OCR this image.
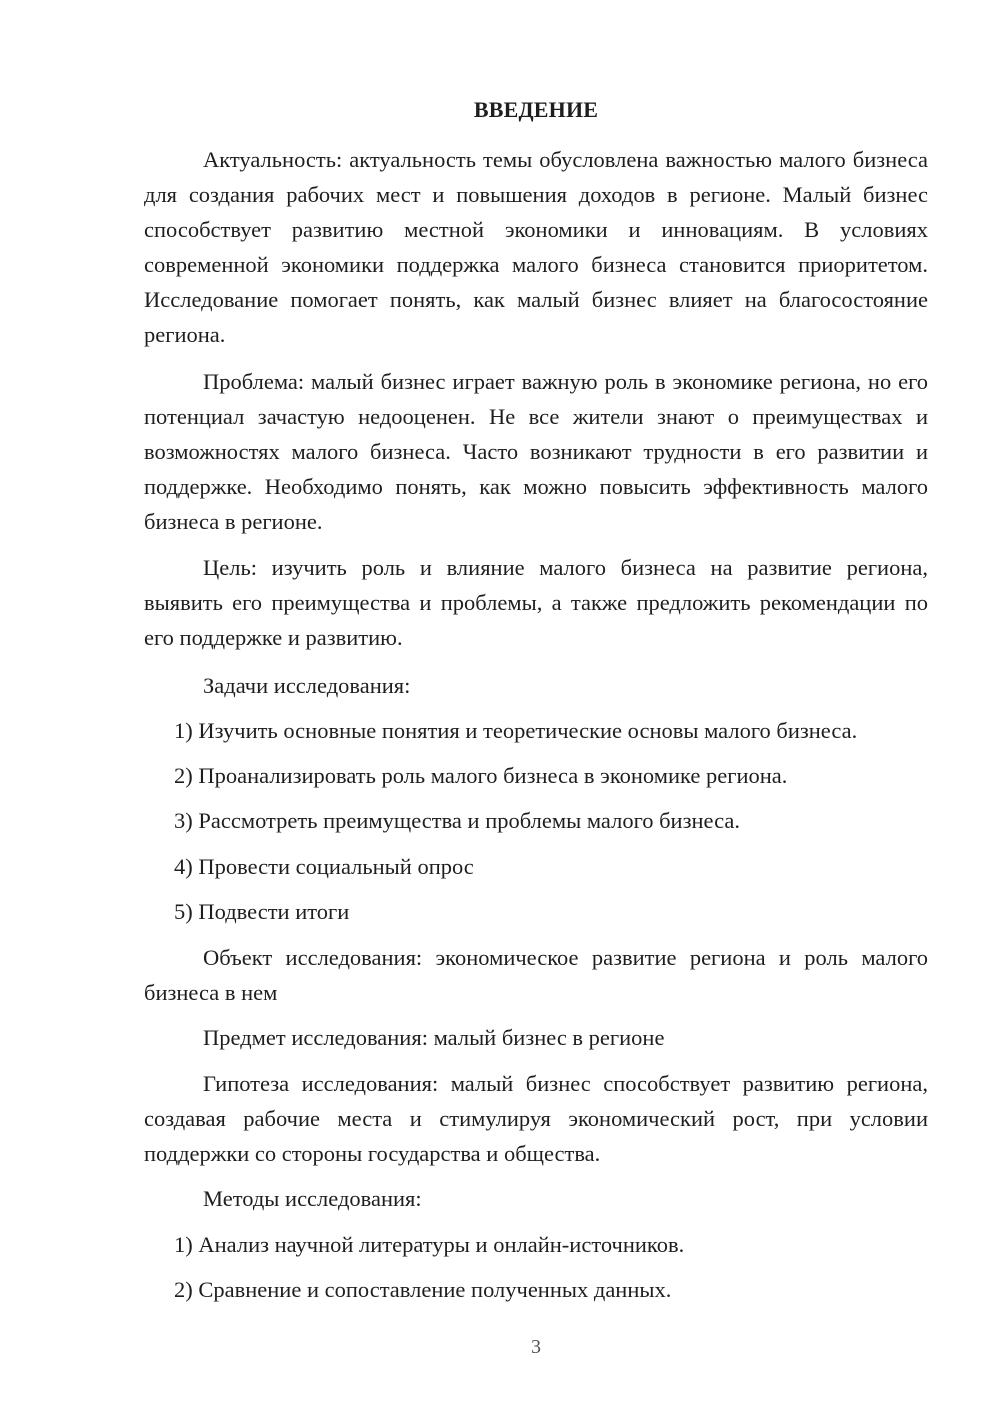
ВВЕДЕНИЕ

Актуальность: актуальность темы обусловлена важностью малого бизнеса для создания рабочих мест и повышения доходов в регионе. Малый бизнес способствует развитию местной экономики и инновациям. В условиях современной экономики поддержка малого бизнеса становится приоритетом. Исследование помогает понять, как малый бизнес влияет на благосостояние региона.

Проблема: малый бизнес играет важную роль в экономике региона, но его потенциал зачастую недооценен. Не все жители знают о преимуществах и возможностях малого бизнеса. Часто возникают трудности в его развитии и поддержке. Необходимо понять, как можно повысить эффективность малого бизнеса в регионе.

Цель: изучить роль и влияние малого бизнеса на развитие региона, выявить его преимущества и проблемы, а также предложить рекомендации по его поддержке и развитию.

Задачи исследования:

1) Изучить основные понятия и теоретические основы малого бизнеса.

2) Проанализировать роль малого бизнеса в экономике региона.

3) Рассмотреть преимущества и проблемы малого бизнеса.

4) Провести социальный опрос

5) Подвести итоги

Объект исследования: экономическое развитие региона и роль малого бизнеса в нем

Предмет исследования: малый бизнес в регионе

Гипотеза исследования: малый бизнес способствует развитию региона, создавая рабочие места и стимулируя экономический рост, при условии поддержки со стороны государства и общества.

Методы исследования:

1) Анализ научной литературы и онлайн-источников.

2) Сравнение и сопоставление полученных данных.

3
